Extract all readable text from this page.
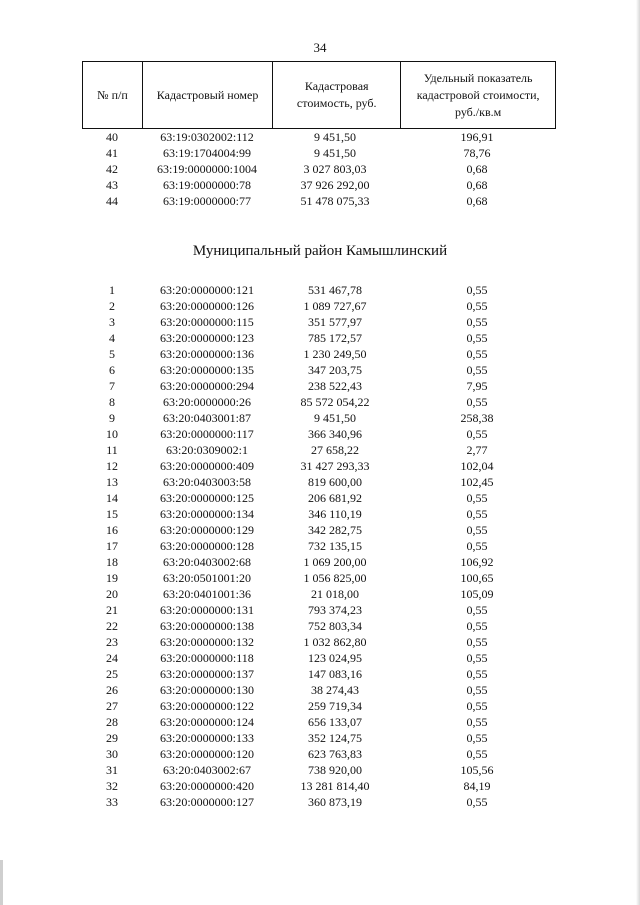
34
№ п/п	Кадастровый номер	Кадастровая стоимость, руб.	Удельный показатель кадастровой стоимости, руб./кв.м
40	63:19:0302002:112	9 451,50	196,91
41	63:19:1704004:99	9 451,50	78,76
42	63:19:0000000:1004	3 027 803,03	0,68
43	63:19:0000000:78	37 926 292,00	0,68
44	63:19:0000000:77	51 478 075,33	0,68
Муниципальный район Камышлинский
1	63:20:0000000:121	531 467,78	0,55
2	63:20:0000000:126	1 089 727,67	0,55
3	63:20:0000000:115	351 577,97	0,55
4	63:20:0000000:123	785 172,57	0,55
5	63:20:0000000:136	1 230 249,50	0,55
6	63:20:0000000:135	347 203,75	0,55
7	63:20:0000000:294	238 522,43	7,95
8	63:20:0000000:26	85 572 054,22	0,55
9	63:20:0403001:87	9 451,50	258,38
10	63:20:0000000:117	366 340,96	0,55
11	63:20:0309002:1	27 658,22	2,77
12	63:20:0000000:409	31 427 293,33	102,04
13	63:20:0403003:58	819 600,00	102,45
14	63:20:0000000:125	206 681,92	0,55
15	63:20:0000000:134	346 110,19	0,55
16	63:20:0000000:129	342 282,75	0,55
17	63:20:0000000:128	732 135,15	0,55
18	63:20:0403002:68	1 069 200,00	106,92
19	63:20:0501001:20	1 056 825,00	100,65
20	63:20:0401001:36	21 018,00	105,09
21	63:20:0000000:131	793 374,23	0,55
22	63:20:0000000:138	752 803,34	0,55
23	63:20:0000000:132	1 032 862,80	0,55
24	63:20:0000000:118	123 024,95	0,55
25	63:20:0000000:137	147 083,16	0,55
26	63:20:0000000:130	38 274,43	0,55
27	63:20:0000000:122	259 719,34	0,55
28	63:20:0000000:124	656 133,07	0,55
29	63:20:0000000:133	352 124,75	0,55
30	63:20:0000000:120	623 763,83	0,55
31	63:20:0403002:67	738 920,00	105,56
32	63:20:0000000:420	13 281 814,40	84,19
33	63:20:0000000:127	360 873,19	0,55
